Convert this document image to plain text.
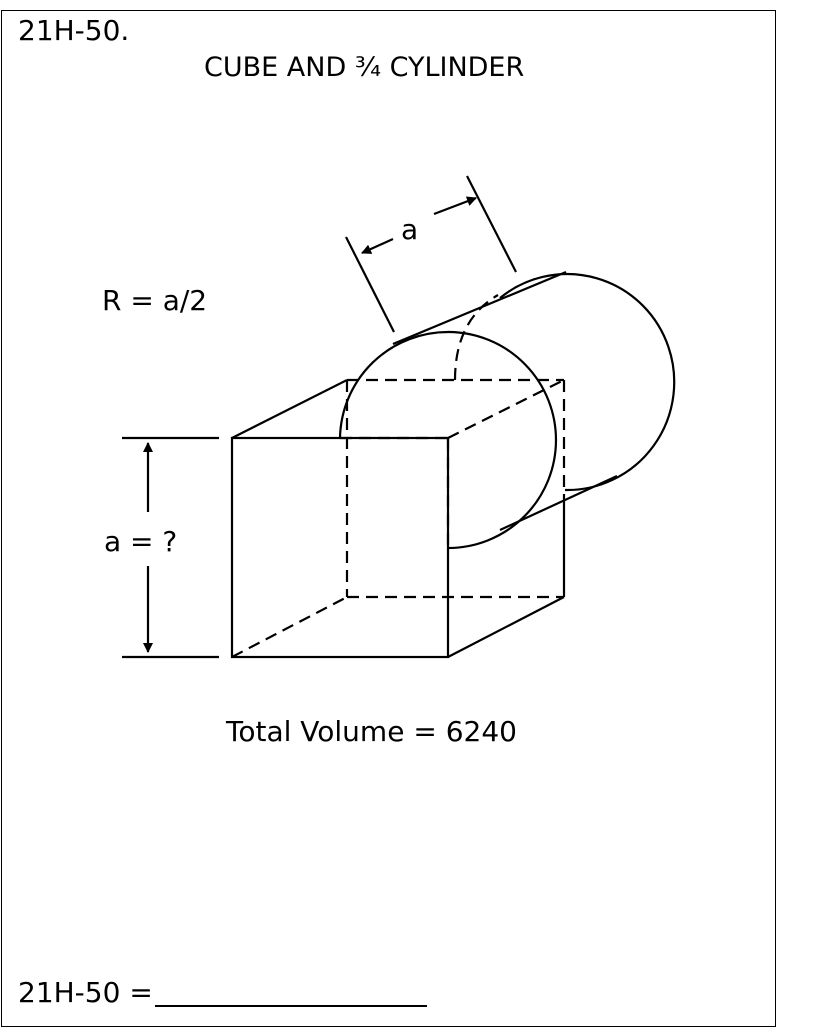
21H-50.
CUBE AND ¾ CYLINDER
R = a/2
a = ?
a
Total Volume = 6240
21H-50 =
